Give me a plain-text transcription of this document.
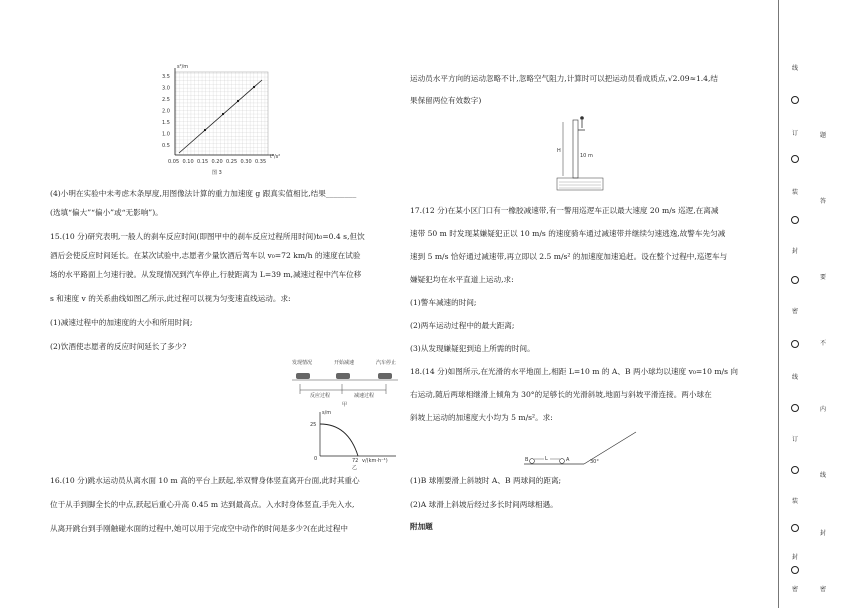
s²/m
0.5
1.0
1.5
2.0
2.5
3.0
3.5
0.05 0.10 0.15 0.20 0.25 0.30 0.35
t²/s²
图 3
(4)小明在实验中未考虑木条厚度,用图像法计算的重力加速度 g 跟真实值相比,结果________
(选填“偏大”“偏小”或“无影响”)。
15.(10 分)研究表明,一般人的刹车反应时间(即图甲中的刹车反应过程所用时间)t₀=0.4 s,但饮
酒后会使反应时间延长。在某次试验中,志愿者少量饮酒后驾车以 v₀=72 km/h 的速度在试验
场的水平路面上匀速行驶。从发现情况到汽车停止,行驶距离为 L=39 m,减速过程中汽车位移
s 和速度 v 的关系曲线如图乙所示,此过程可以视为匀变速直线运动。求:
(1)减速过程中的加速度的大小和所用时间;
(2)饮酒使志愿者的反应时间延长了多少?
发现情况	开始减速	汽车停止
反应过程	减速过程
甲
s/m
25
0	72 v/(km·h⁻¹)
乙
16.(10 分)跳水运动员从离水面 10 m 高的平台上跃起,举双臂身体竖直离开台面,此时其重心
位于从手到脚全长的中点,跃起后重心升高 0.45 m 达到最高点。入水时身体竖直,手先入水,
从离开跳台到手刚触碰水面的过程中,她可以用于完成空中动作的时间是多少?(在此过程中
运动员水平方向的运动忽略不计,忽略空气阻力,计算时可以把运动员看成质点,√2.09≈1.4,结
果保留两位有效数字)
H
10 m
17.(12 分)在某小区门口有一橡胶减速带,有一警用巡逻车正以最大速度 20 m/s 巡逻,在离减
速带 50 m 时发现某嫌疑犯正以 10 m/s 的速度骑车通过减速带并继续匀速逃逸,故警车先匀减
速到 5 m/s 恰好通过减速带,再立即以 2.5 m/s² 的加速度加速追赶。设在整个过程中,巡逻车与
嫌疑犯均在水平直道上运动,求:
(1)警车减速的时间;
(2)两车运动过程中的最大距离;
(3)从发现嫌疑犯到追上所需的时间。
18.(14 分)如图所示,在光滑的水平地面上,相距 L=10 m 的 A、B 两小球均以速度 v₀=10 m/s 向
右运动,随后两球相继滑上倾角为 30°的足够长的光滑斜坡,地面与斜坡平滑连接。两小球在
斜坡上运动的加速度大小均为 5 m/s²。求:
B	A
L	30°
(1)B 球刚要滑上斜坡时 A、B 两球间的距离;
(2)A 球滑上斜坡后经过多长时间两球相遇。
附加题
线
订
装
封
密
线
订
装
封
密
题
答
要
不
内
线
封
密
